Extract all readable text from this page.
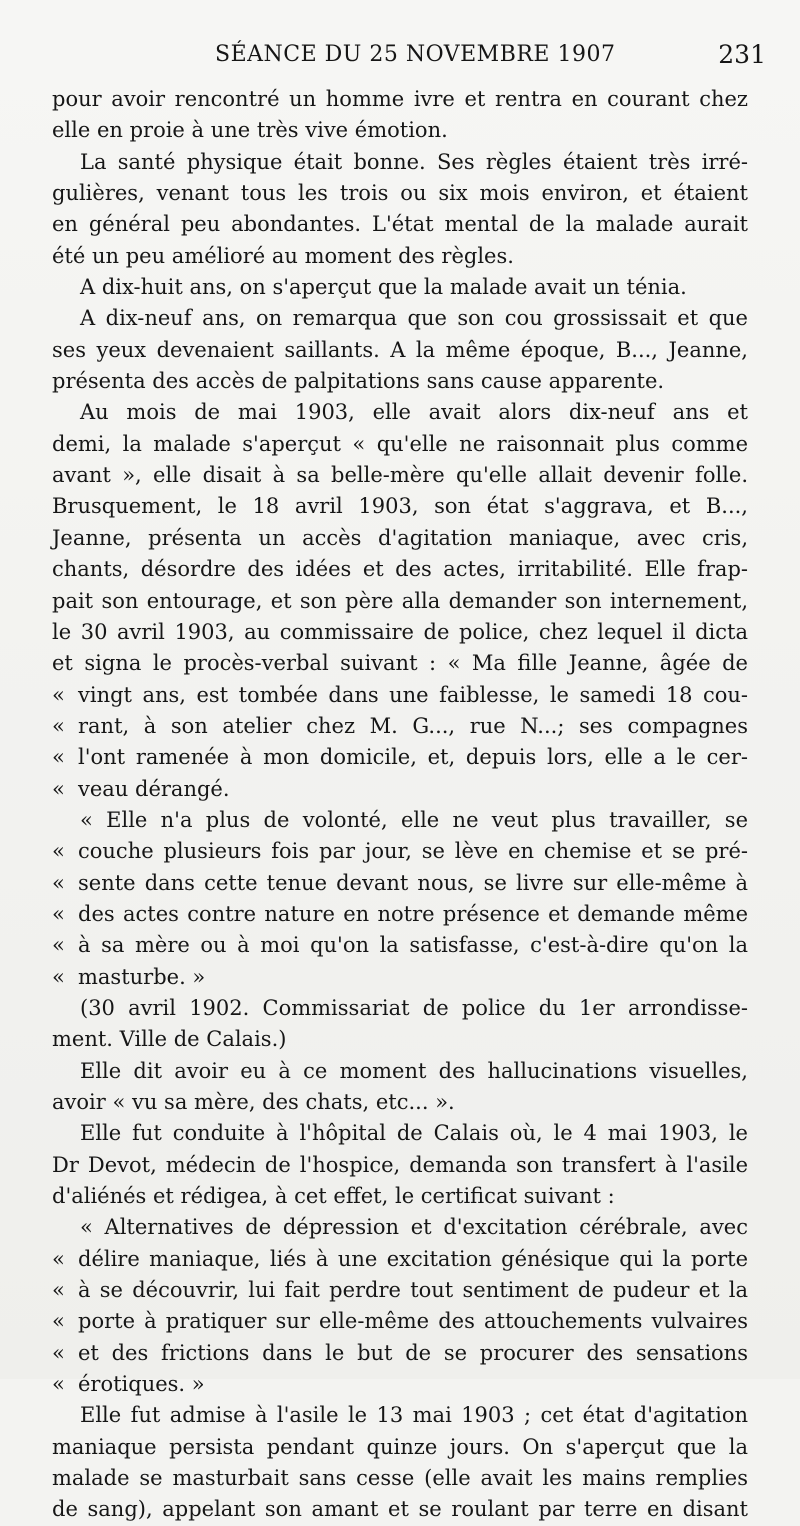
SÉANCE DU 25 NOVEMBRE 1907	231
pour avoir rencontré un homme ivre et rentra en courant chez
elle en proie à une très vive émotion.
La santé physique était bonne. Ses règles étaient très irré-
gulières, venant tous les trois ou six mois environ, et étaient
en général peu abondantes. L'état mental de la malade aurait
été un peu amélioré au moment des règles.
A dix-huit ans, on s'aperçut que la malade avait un ténia.
A dix-neuf ans, on remarqua que son cou grossissait et que
ses yeux devenaient saillants. A la même époque, B..., Jeanne,
présenta des accès de palpitations sans cause apparente.
Au mois de mai 1903, elle avait alors dix-neuf ans et
demi, la malade s'aperçut « qu'elle ne raisonnait plus comme
avant », elle disait à sa belle-mère qu'elle allait devenir folle.
Brusquement, le 18 avril 1903, son état s'aggrava, et B...,
Jeanne, présenta un accès d'agitation maniaque, avec cris,
chants, désordre des idées et des actes, irritabilité. Elle frap-
pait son entourage, et son père alla demander son internement,
le 30 avril 1903, au commissaire de police, chez lequel il dicta
et signa le procès-verbal suivant : « Ma fille Jeanne, âgée de
« vingt ans, est tombée dans une faiblesse, le samedi 18 cou-
« rant, à son atelier chez M. G..., rue N...; ses compagnes
« l'ont ramenée à mon domicile, et, depuis lors, elle a le cer-
« veau dérangé.
« Elle n'a plus de volonté, elle ne veut plus travailler, se
« couche plusieurs fois par jour, se lève en chemise et se pré-
« sente dans cette tenue devant nous, se livre sur elle-même à
« des actes contre nature en notre présence et demande même
« à sa mère ou à moi qu'on la satisfasse, c'est-à-dire qu'on la
« masturbe. »
(30 avril 1902. Commissariat de police du 1er arrondisse-
ment. Ville de Calais.)
Elle dit avoir eu à ce moment des hallucinations visuelles,
avoir « vu sa mère, des chats, etc... ».
Elle fut conduite à l'hôpital de Calais où, le 4 mai 1903, le
Dr Devot, médecin de l'hospice, demanda son transfert à l'asile
d'aliénés et rédigea, à cet effet, le certificat suivant :
« Alternatives de dépression et d'excitation cérébrale, avec
« délire maniaque, liés à une excitation génésique qui la porte
« à se découvrir, lui fait perdre tout sentiment de pudeur et la
« porte à pratiquer sur elle-même des attouchements vulvaires
« et des frictions dans le but de se procurer des sensations
« érotiques. »
Elle fut admise à l'asile le 13 mai 1903 ; cet état d'agitation
maniaque persista pendant quinze jours. On s'aperçut que la
malade se masturbait sans cesse (elle avait les mains remplies
de sang), appelant son amant et se roulant par terre en disant
